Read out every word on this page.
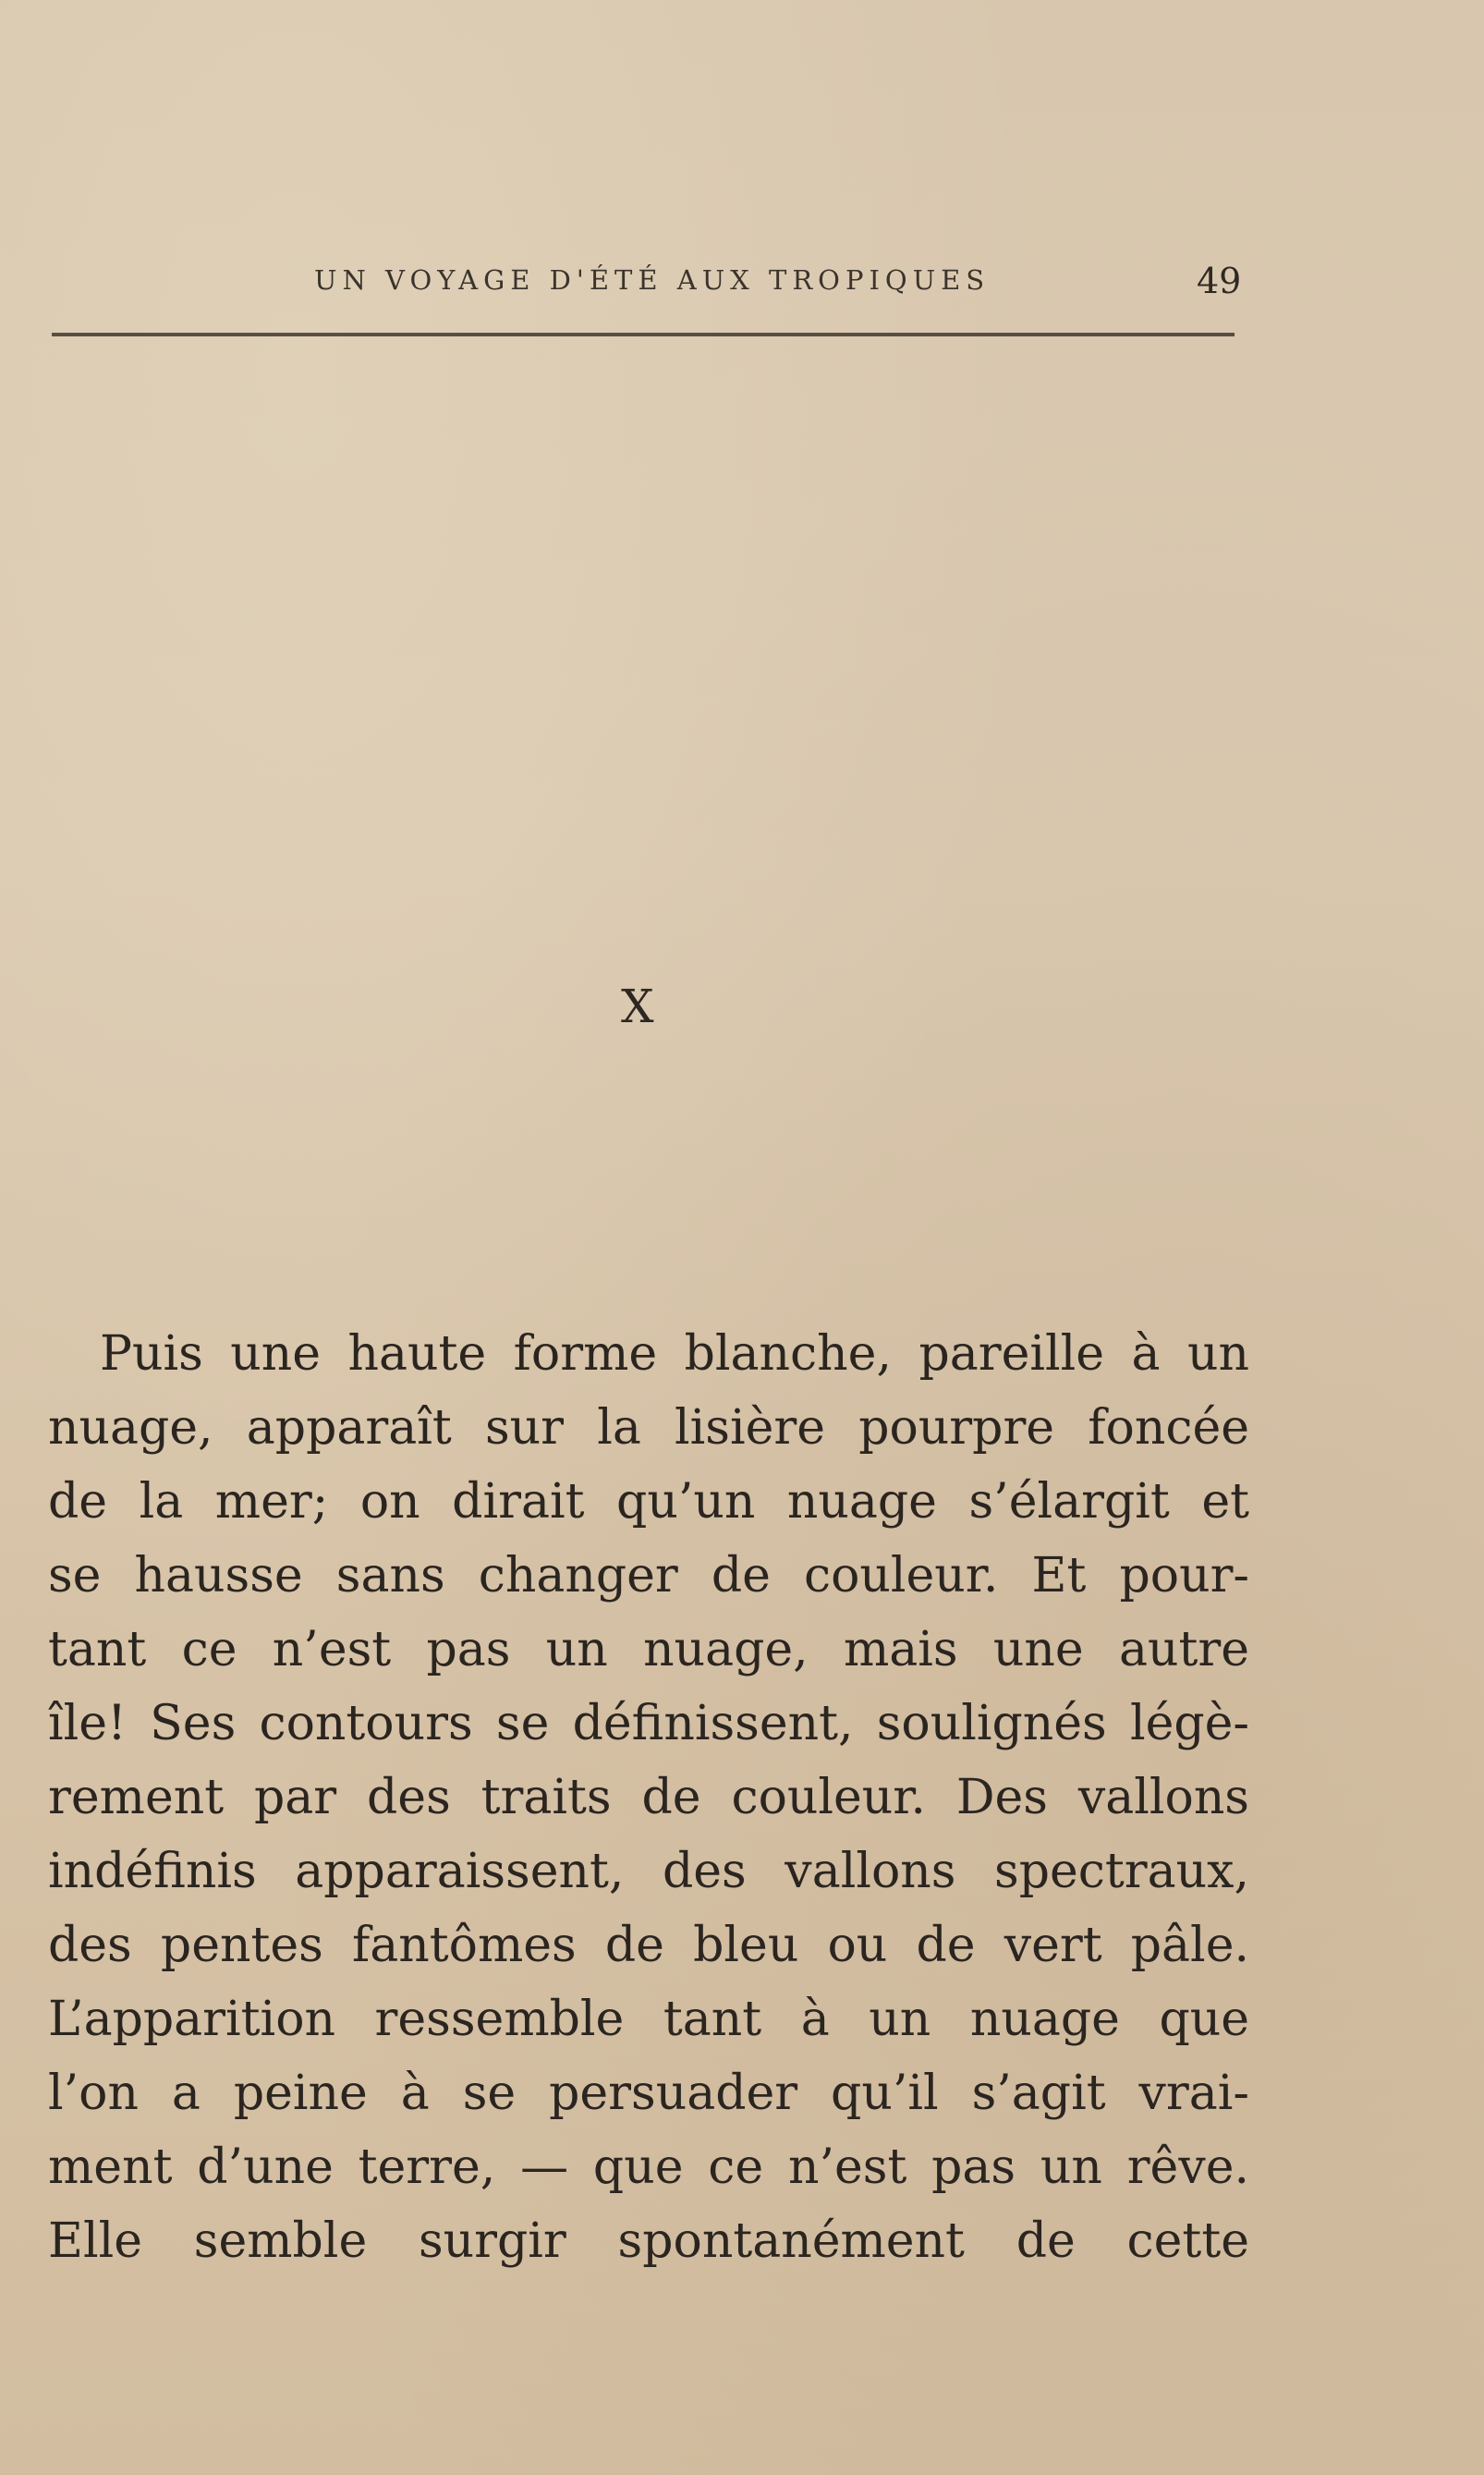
UN VOYAGE D'ÉTÉ AUX TROPIQUES	49
X
Puis une haute forme blanche, pareille à un
nuage, apparaît sur la lisière pourpre foncée
de la mer; on dirait qu’un nuage s’élargit et
se hausse sans changer de couleur. Et pour-
tant ce n’est pas un nuage, mais une autre
île! Ses contours se définissent, soulignés légè-
rement par des traits de couleur. Des vallons
indéfinis apparaissent, des vallons spectraux,
des pentes fantômes de bleu ou de vert pâle.
L’apparition ressemble tant à un nuage que
l’on a peine à se persuader qu’il s’agit vrai-
ment d’une terre, — que ce n’est pas un rêve.
Elle semble surgir spontanément de cette
